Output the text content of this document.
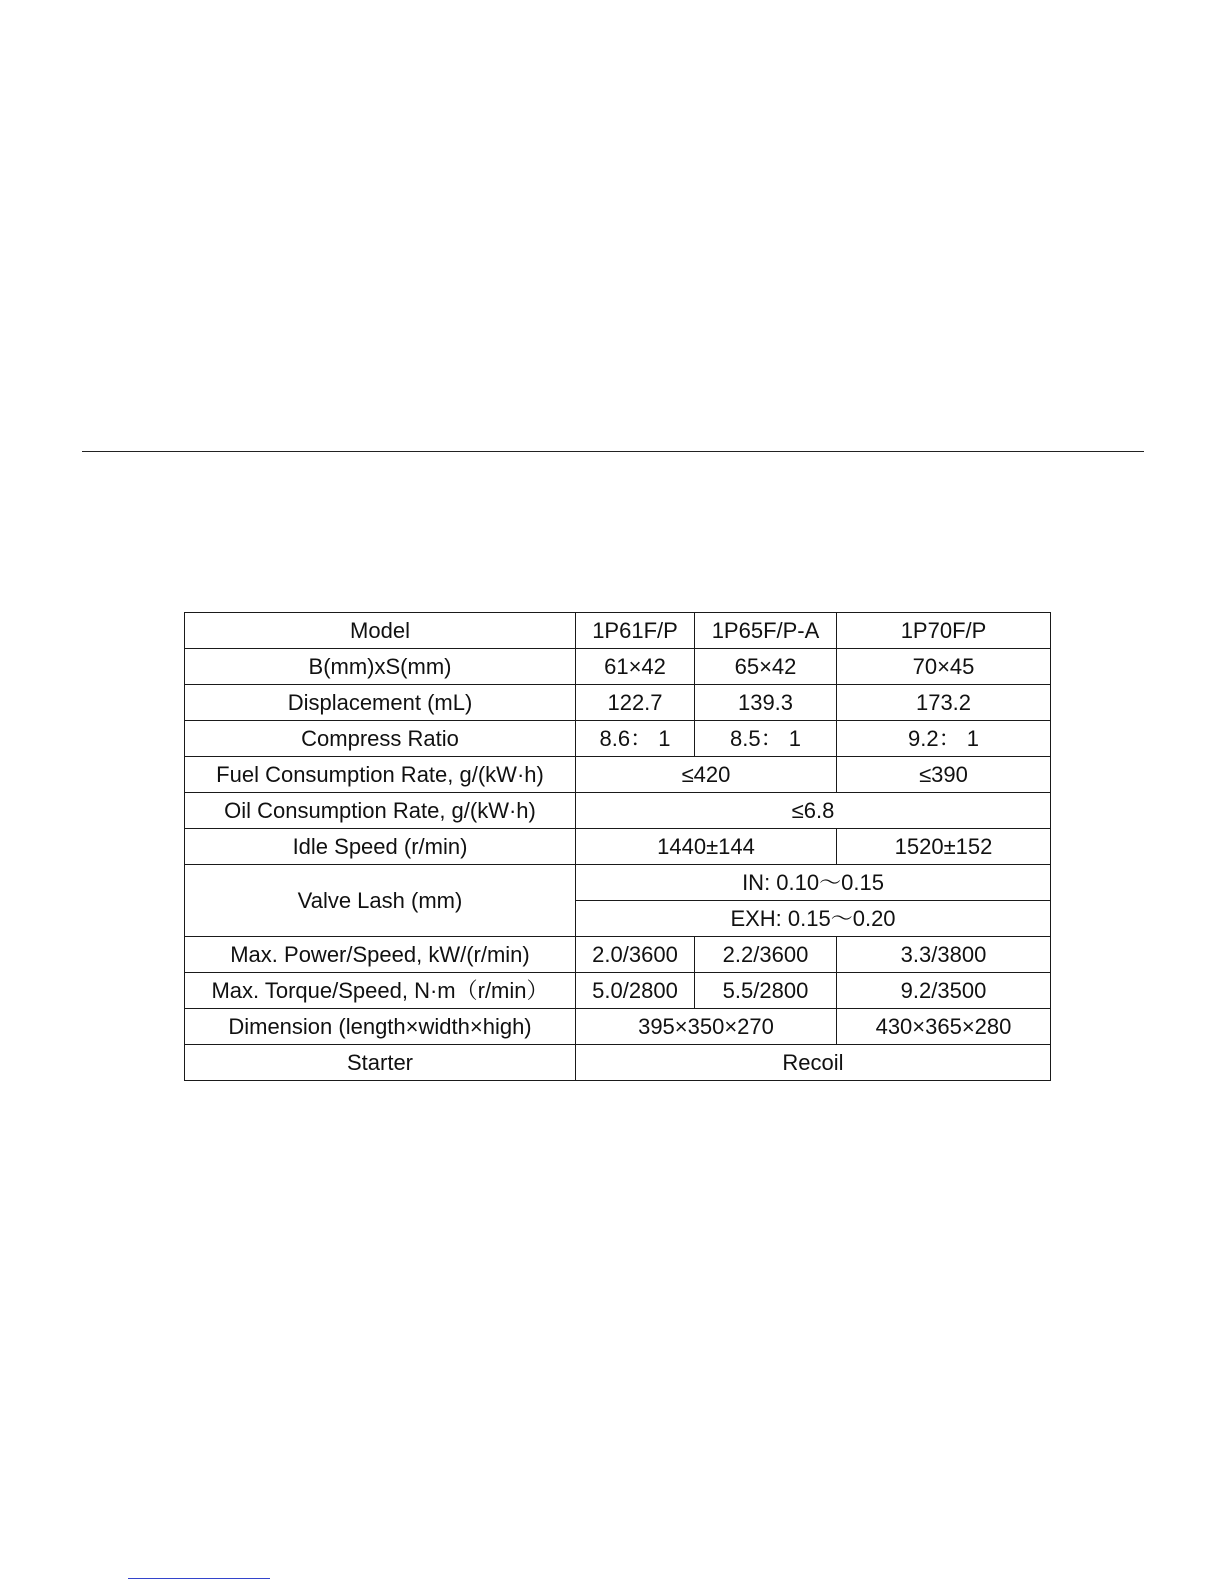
Model	1P61F/P	1P65F/P-A	1P70F/P
B(mm)xS(mm)	61×42	65×42	70×45
Displacement (mL)	122.7	139.3	173.2
Compress Ratio	8.6： 1	8.5： 1	9.2： 1
Fuel Consumption Rate, g/(kW·h)	≤420		≤390
Oil Consumption Rate, g/(kW·h)	≤6.8		
Idle Speed (r/min)	1440±144		1520±152
Valve Lash (mm)	IN: 0.10～0.15		
	EXH: 0.15～0.20		
Max. Power/Speed, kW/(r/min)	2.0/3600	2.2/3600	3.3/3800
Max. Torque/Speed, N·m（r/min）	5.0/2800	5.5/2800	9.2/3500
Dimension (length×width×high)	395×350×270		430×365×280
Starter	Recoil		
